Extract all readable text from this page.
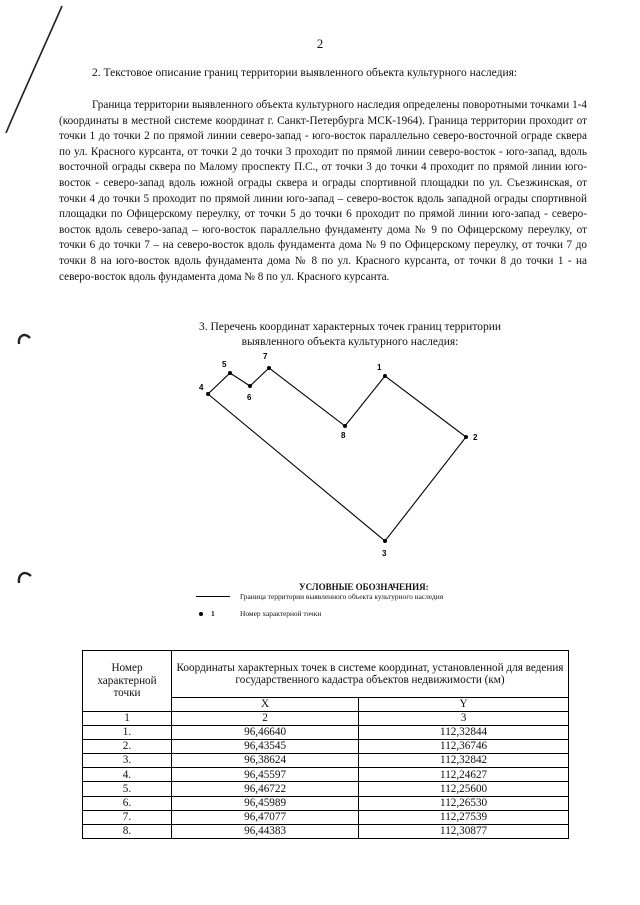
2
2. Текстовое описание границ территории выявленного объекта культурного наследия:
Граница территории выявленного объекта культурного наследия определены поворотными точками 1-4 (координаты в местной системе координат г. Санкт-Петербурга МСК-1964). Граница территории проходит от точки 1 до точки 2 по прямой линии северо-запад - юго-восток параллельно северо-восточной ограде сквера по ул. Красного курсанта, от точки 2 до точки 3 проходит по прямой линии северо-восток - юго-запад, вдоль восточной ограды сквера по Малому проспекту П.С., от точки 3 до точки 4 проходит по прямой линии юго-восток - северо-запад вдоль южной ограды сквера и ограды спортивной площадки по ул. Съезжинская, от точки 4 до точки 5 проходит по прямой линии юго-запад – северо-восток вдоль западной ограды спортивной площадки по Офицерскому переулку, от точки 5 до точки 6 проходит по прямой линии юго-запад - северо-восток вдоль северо-запад – юго-восток параллельно фундаменту дома № 9 по Офицерскому переулку, от точки 6 до точки 7 – на северо-восток вдоль фундамента дома № 9 по Офицерскому переулку, от точки 7 до точки 8 на юго-восток вдоль фундамента дома № 8 по ул. Красного курсанта, от точки 8 до точки 1 - на северо-восток вдоль фундамента дома № 8 по ул. Красного курсанта.
3. Перечень координат характерных точек границ территории
выявленного объекта культурного наследия:
1
2
3
4
5
6
7
8
УСЛОВНЫЕ ОБОЗНАЧЕНИЯ:
Граница территории выявленного объекта культурного наследия
1	Номер характерной точки
Номер характерной точки	Координаты характерных точек в системе координат, установленной для ведения государственного кадастра объектов недвижимости (км)	
	X	Y
1	2	3
1.	96,46640	112,32844
2.	96,43545	112,36746
3.	96,38624	112,32842
4.	96,45597	112,24627
5.	96,46722	112,25600
6.	96,45989	112,26530
7.	96,47077	112,27539
8.	96,44383	112,30877
